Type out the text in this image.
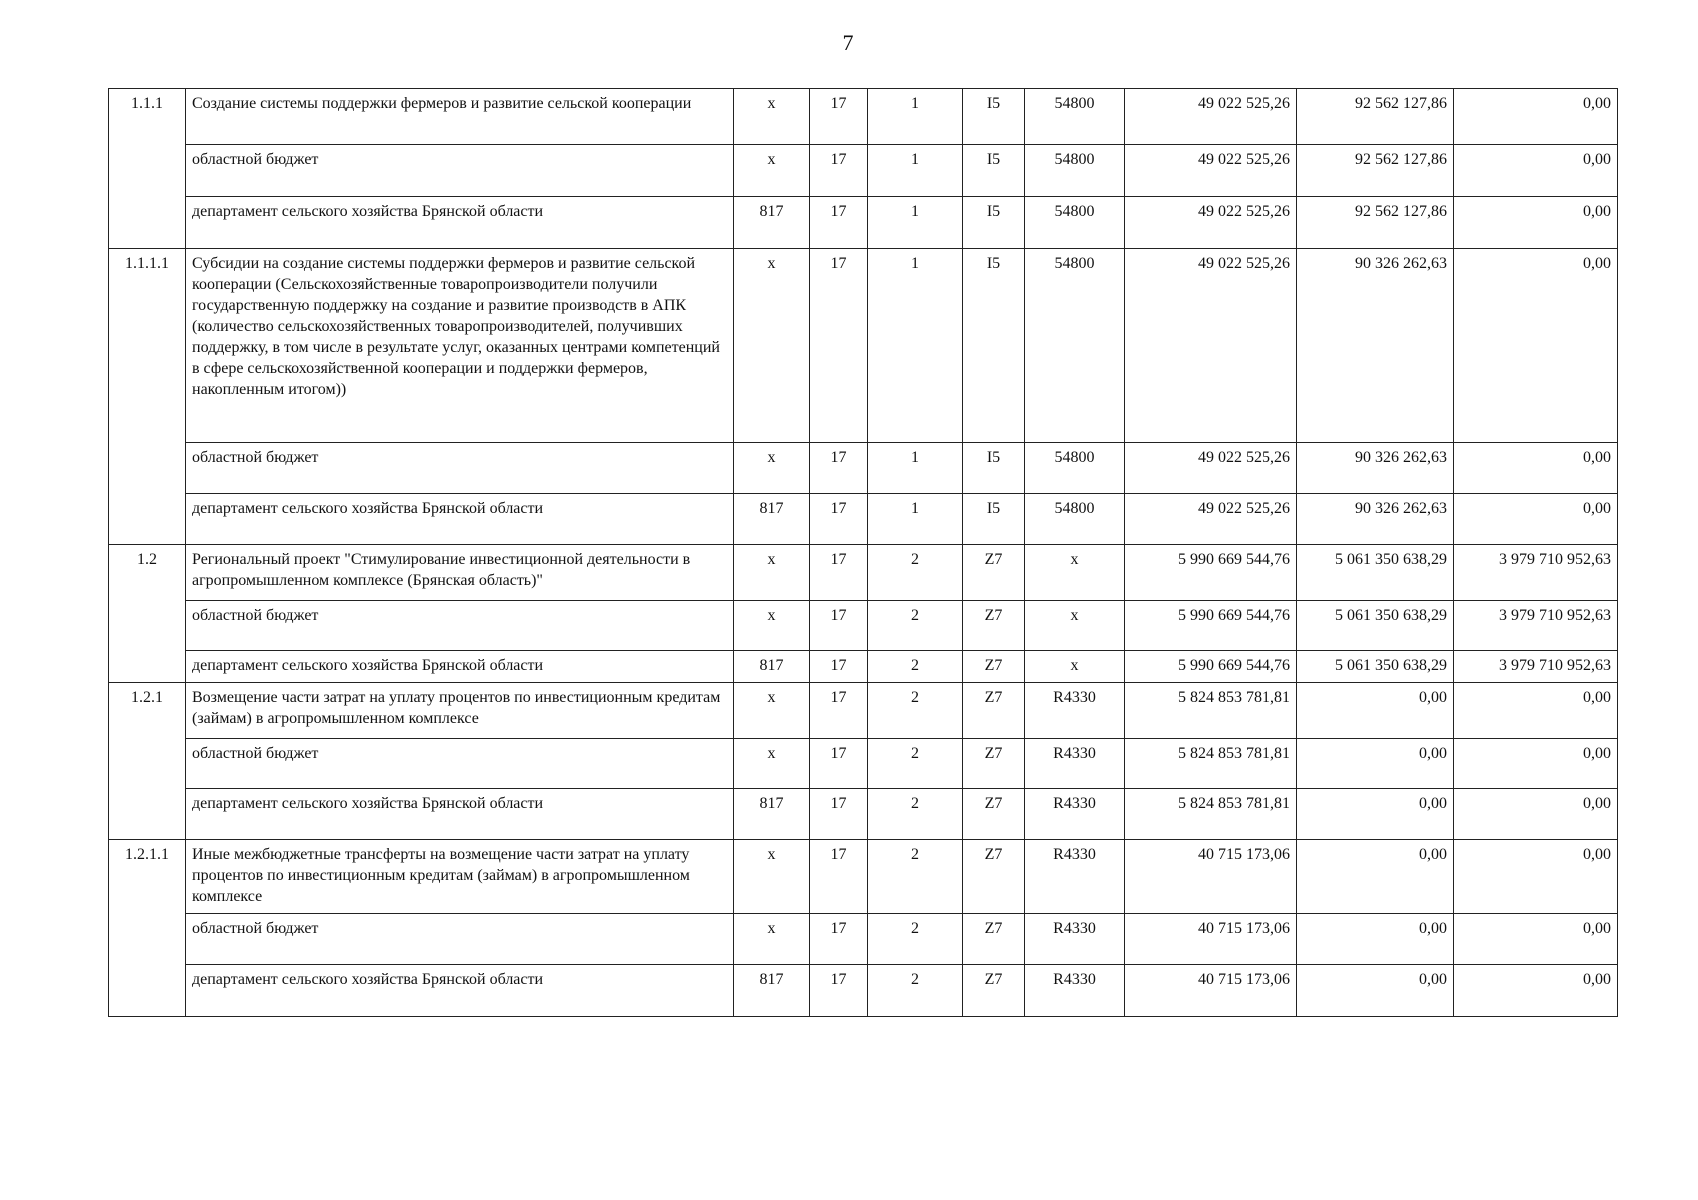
7
1.1.1	Создание системы поддержки фермеров и развитие сельской кооперации	х	17	1	I5	54800	49 022 525,26	92 562 127,86	0,00
	областной бюджет	х	17	1	I5	54800	49 022 525,26	92 562 127,86	0,00
	департамент сельского хозяйства Брянской области	817	17	1	I5	54800	49 022 525,26	92 562 127,86	0,00
1.1.1.1	Субсидии на создание системы поддержки фермеров и развитие сельской кооперации (Сельскохозяйственные товаропроизводители получили государственную поддержку на создание и развитие производств в АПК (количество сельскохозяйственных товаропроизводителей, получивших поддержку, в том числе в результате услуг, оказанных центрами компетенций в сфере сельскохозяйственной кооперации и поддержки фермеров, накопленным итогом))	х	17	1	I5	54800	49 022 525,26	90 326 262,63	0,00
	областной бюджет	х	17	1	I5	54800	49 022 525,26	90 326 262,63	0,00
	департамент сельского хозяйства Брянской области	817	17	1	I5	54800	49 022 525,26	90 326 262,63	0,00
1.2	Региональный проект "Стимулирование инвестиционной деятельности в агропромышленном комплексе (Брянская область)"	х	17	2	Z7	х	5 990 669 544,76	5 061 350 638,29	3 979 710 952,63
	областной бюджет	х	17	2	Z7	х	5 990 669 544,76	5 061 350 638,29	3 979 710 952,63
	департамент сельского хозяйства Брянской области	817	17	2	Z7	х	5 990 669 544,76	5 061 350 638,29	3 979 710 952,63
1.2.1	Возмещение части затрат на уплату процентов по инвестиционным кредитам (займам) в агропромышленном комплексе	х	17	2	Z7	R4330	5 824 853 781,81	0,00	0,00
	областной бюджет	х	17	2	Z7	R4330	5 824 853 781,81	0,00	0,00
	департамент сельского хозяйства Брянской области	817	17	2	Z7	R4330	5 824 853 781,81	0,00	0,00
1.2.1.1	Иные межбюджетные трансферты на возмещение части затрат на уплату процентов по инвестиционным кредитам (займам) в агропромышленном комплексе	х	17	2	Z7	R4330	40 715 173,06	0,00	0,00
	областной бюджет	х	17	2	Z7	R4330	40 715 173,06	0,00	0,00
	департамент сельского хозяйства Брянской области	817	17	2	Z7	R4330	40 715 173,06	0,00	0,00
